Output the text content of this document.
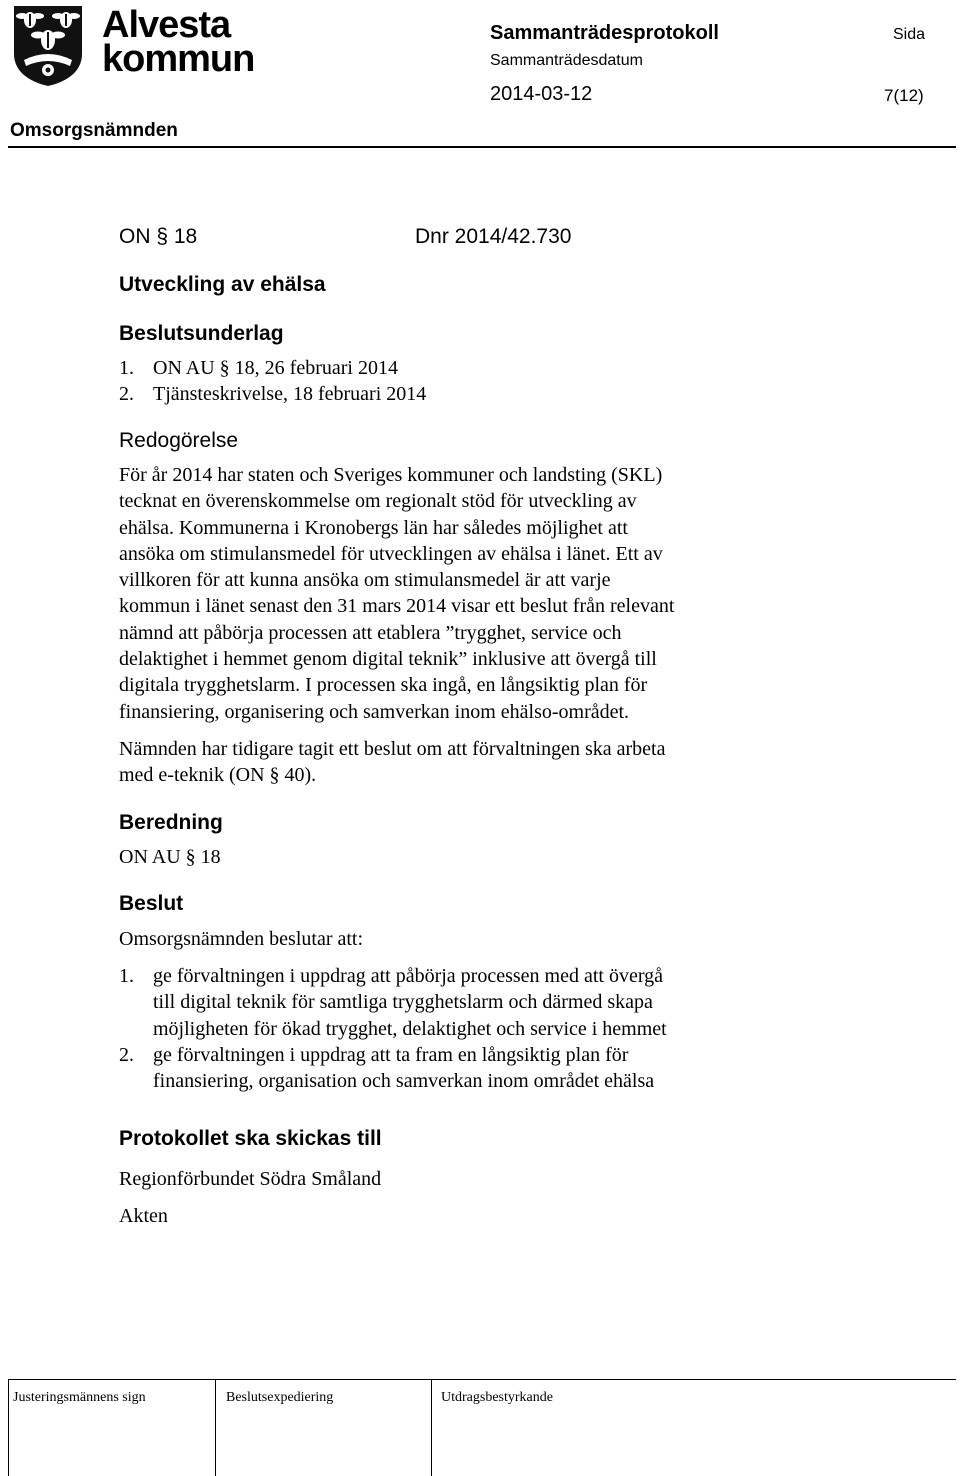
Alvesta
kommun
Sammanträdesprotokoll	Sida
Sammanträdesdatum
2014-03-12	7(12)
Omsorgsnämnden
ON § 18	Dnr 2014/42.730
Utveckling av ehälsa
Beslutsunderlag
1. ON AU § 18, 26 februari 2014
2. Tjänsteskrivelse, 18 februari 2014
Redogörelse

För år 2014 har staten och Sveriges kommuner och landsting (SKL)
tecknat en överenskommelse om regionalt stöd för utveckling av
ehälsa. Kommunerna i Kronobergs län har således möjlighet att
ansöka om stimulansmedel för utvecklingen av ehälsa i länet. Ett av
villkoren för att kunna ansöka om stimulansmedel är att varje
kommun i länet senast den 31 mars 2014 visar ett beslut från relevant
nämnd att påbörja processen att etablera ”trygghet, service och
delaktighet i hemmet genom digital teknik” inklusive att övergå till
digitala trygghetslarm. I processen ska ingå, en långsiktig plan för
finansiering, organisering och samverkan inom ehälso-området.

Nämnden har tidigare tagit ett beslut om att förvaltningen ska arbeta
med e-teknik (ON § 40).

Beredning
ON AU § 18
Beslut
Omsorgsnämnden beslutar att:
1. ge förvaltningen i uppdrag att påbörja processen med att övergå
till digital teknik för samtliga trygghetslarm och därmed skapa
möjligheten för ökad trygghet, delaktighet och service i hemmet
2. ge förvaltningen i uppdrag att ta fram en långsiktig plan för
finansiering, organisation och samverkan inom området ehälsa
Protokollet ska skickas till
Regionförbundet Södra Småland
Akten
Justeringsmännens sign	Beslutsexpediering	Utdragsbestyrkande
